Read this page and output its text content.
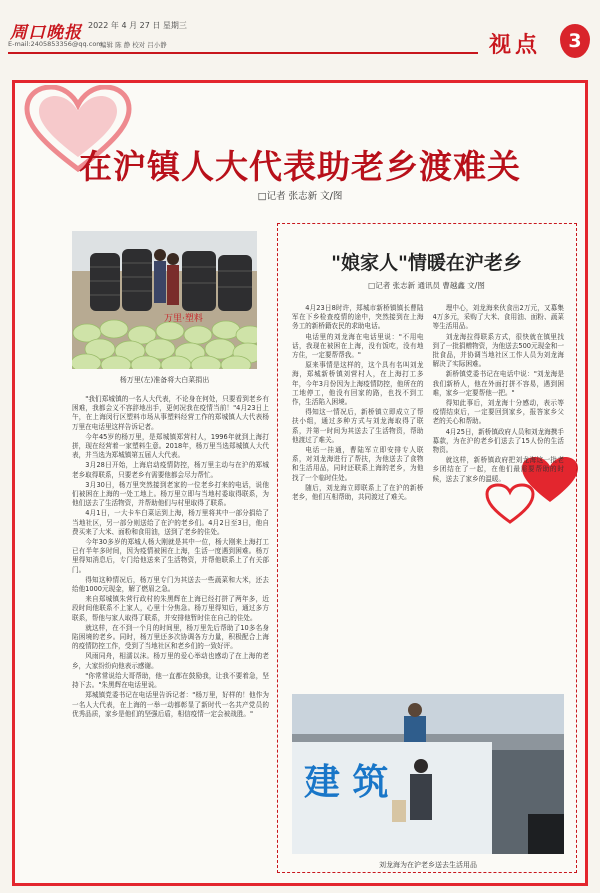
周口晚报 2022 年 4 月 27 日 星期三
E-mail:2405853356@qq.com
编辑 陈 静 校对 吕小静	视点	3
在沪镇人大代表助老乡渡难关
□记者 张志新 文/图
万里·塑料
杨万里(左)准备将大白菜捐出

"我们郑城镇的一名人大代表，不论身在何处，只要看到老乡有困难，我都会义不容辞地出手，更何况我在疫情当前！"4月23日上午，在上海闵行区塑料市场从事塑料经营工作的郑城镇人大代表杨万里在电话里这样告诉记者。

今年45岁的杨万里，是郑城镇郑营村人，1996年就到上海打拼，现在经营着一家塑料生意。2018年，杨万里当选郑城镇人大代表，并当选为郑城镇第五届人大代表。

3月28日开始，上海启动疫情防控，杨万里主动与在沪的郑城老乡取得联系，只要老乡有需要他都会尽力帮忙。

3月30日，杨万里突然接到老家的一位老乡打来的电话，说他们被困在上海的一处工地上。杨万里立即与当地村委取得联系，为他们送去了生活物资，并帮助他们与村里取得了联系。

4月1日，一大卡车白菜运到上海，杨万里将其中一部分捐给了当地社区，另一部分则送给了在沪的老乡们。4月2日至3日，他自费买来了大米、面粉和食用油，送到了老乡的住处。

今年30多岁的郑城人杨大刚就是其中一位，杨大刚来上海打工已有半年多时间，因为疫情被困在上海，生活一度遇到困难。杨万里得知消息后，专门给他送来了生活物资，并帮他联系上了有关部门。

得知这种情况后，杨万里专门为其送去一些蔬菜和大米，还去给他1000元现金，解了燃眉之急。

来自郑城镇朱营行政村的朱黑辉在上海已经打拼了两年多，近段时间他联系不上家人，心里十分焦急。杨万里得知后，通过多方联系，帮他与家人取得了联系，并安排他暂时住在自己的住处。

就这样，在不到一个月的时间里，杨万里先后帮助了10多名身陷困境的老乡。同时，杨万里还多次协调各方力量，积极配合上海的疫情防控工作，受到了当地社区和老乡们的一致好评。

风雨同舟，相濡以沫。杨万里的爱心举动也感动了在上海的老乡，大家纷纷向他表示感谢。

"你常常说给大哥帮助，他一直都在鼓励我，让我不要着急，坚持下去。"朱黑辉在电话里说。

郑城镇党委书记在电话里告诉记者："杨万里，好样的！他作为一名人大代表，在上海的一举一动都彰显了新时代一名共产党员的优秀品质，家乡是他们的坚强后盾，相信疫情一定会被战胜。"

"娘家人"情暖在沪老乡
□记者 张志新 通讯员 曹越鑫 文/图

4月23日8时许，郑城市新桥镇镇长曹陆军在下乡检查疫情的途中，突然接到在上海务工的新桥籍农民的求助电话。

电话里的刘龙海在电话里说："不用电话，我现在被困在上海，没有饭吃，没有地方住，一定要帮帮我。"

原来事情是这样的，这个具有名叫刘龙海，郑城新桥镇刘营村人，在上海打工多年，今年3月份因为上海疫情防控，他所在的工地停工，他没有回家的路，也找不到工作，生活陷入困境。

得知这一情况后，新桥镇立即成立了帮扶小组，通过多种方式与刘龙海取得了联系，并第一时间为其送去了生活物资，帮助他渡过了难关。

电话一挂通，曹陆军立即安排专人联系，对刘龙海进行了帮扶，为他送去了食物和生活用品，同时还联系上海的老乡，为他找了一个临时住处。

随后，刘龙海立即联系上了在沪的新桥老乡，他们互相帮助，共同渡过了难关。

理中心，刘龙海来伙食出2万元，又募集4万多元，采购了大米、食用油、面粉、蔬菜等生活用品。

刘龙海拉得联系方式，很快就在镇里找到了一批捐赠物资，为他送去500元现金和一批食品，并协调当地社区工作人员为刘龙海解决了实际困难。

新桥镇党委书记在电话中说："刘龙海是我们新桥人，他在外面打拼不容易，遇到困难，家乡一定要帮他一把。"

得知此事后，刘龙海十分感动，表示等疫情结束后，一定要回到家乡，报答家乡父老的关心和帮助。

4月25日，新桥镇政府人员和刘龙海携手募款，为在沪的老乡们送去了15人份的生活物资。

就这样，新桥镇政府把刘龙海这一批老乡团结在了一起，在他们最需要帮助的时候，送去了家乡的温暖。

建 筑
刘龙海为在沪老乡送去生活用品
